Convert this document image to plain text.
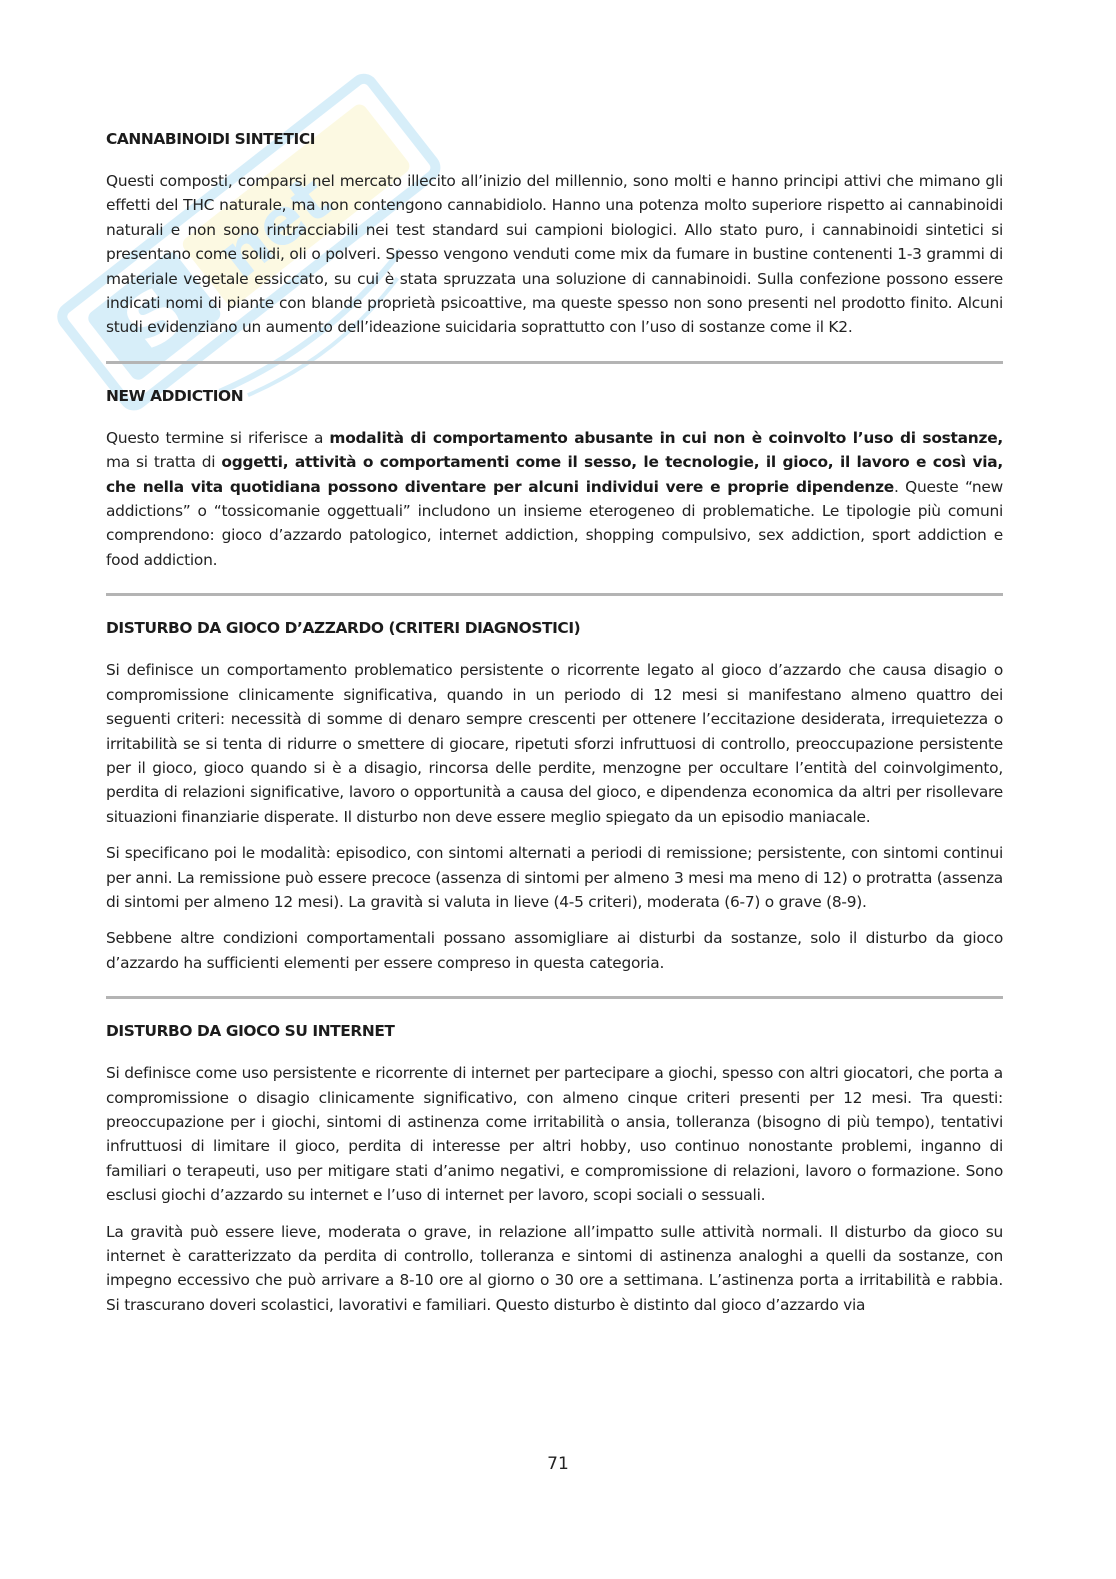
S
net
CANNABINOIDI SINTETICI

Questi composti, comparsi nel mercato illecito all’inizio del millennio, sono molti e hanno principi attivi che mimano gli effetti del THC naturale, ma non contengono cannabidiolo. Hanno una potenza molto superiore rispetto ai cannabinoidi naturali e non sono rintracciabili nei test standard sui campioni biologici. Allo stato puro, i cannabinoidi sintetici si presentano come solidi, oli o polveri. Spesso vengono venduti come mix da fumare in bustine contenenti 1-3 grammi di materiale vegetale essiccato, su cui è stata spruzzata una soluzione di cannabinoidi. Sulla confezione possono essere indicati nomi di piante con blande proprietà psicoattive, ma queste spesso non sono presenti nel prodotto finito. Alcuni studi evidenziano un aumento dell’ideazione suicidaria soprattutto con l’uso di sostanze come il K2.

NEW ADDICTION

Questo termine si riferisce a modalità di comportamento abusante in cui non è coinvolto l’uso di sostanze, ma si tratta di oggetti, attività o comportamenti come il sesso, le tecnologie, il gioco, il lavoro e così via, che nella vita quotidiana possono diventare per alcuni individui vere e proprie dipendenze. Queste “new addictions” o “tossicomanie oggettuali” includono un insieme eterogeneo di problematiche. Le tipologie più comuni comprendono: gioco d’azzardo patologico, internet addiction, shopping compulsivo, sex addiction, sport addiction e food addiction.

DISTURBO DA GIOCO D’AZZARDO (CRITERI DIAGNOSTICI)

Si definisce un comportamento problematico persistente o ricorrente legato al gioco d’azzardo che causa disagio o compromissione clinicamente significativa, quando in un periodo di 12 mesi si manifestano almeno quattro dei seguenti criteri: necessità di somme di denaro sempre crescenti per ottenere l’eccitazione desiderata, irrequietezza o irritabilità se si tenta di ridurre o smettere di giocare, ripetuti sforzi infruttuosi di controllo, preoccupazione persistente per il gioco, gioco quando si è a disagio, rincorsa delle perdite, menzogne per occultare l’entità del coinvolgimento, perdita di relazioni significative, lavoro o opportunità a causa del gioco, e dipendenza economica da altri per risollevare situazioni finanziarie disperate. Il disturbo non deve essere meglio spiegato da un episodio maniacale.

Si specificano poi le modalità: episodico, con sintomi alternati a periodi di remissione; persistente, con sintomi continui per anni. La remissione può essere precoce (assenza di sintomi per almeno 3 mesi ma meno di 12) o protratta (assenza di sintomi per almeno 12 mesi). La gravità si valuta in lieve (4-5 criteri), moderata (6-7) o grave (8-9).

Sebbene altre condizioni comportamentali possano assomigliare ai disturbi da sostanze, solo il disturbo da gioco d’azzardo ha sufficienti elementi per essere compreso in questa categoria.

DISTURBO DA GIOCO SU INTERNET

Si definisce come uso persistente e ricorrente di internet per partecipare a giochi, spesso con altri giocatori, che porta a compromissione o disagio clinicamente significativo, con almeno cinque criteri presenti per 12 mesi. Tra questi: preoccupazione per i giochi, sintomi di astinenza come irritabilità o ansia, tolleranza (bisogno di più tempo), tentativi infruttuosi di limitare il gioco, perdita di interesse per altri hobby, uso continuo nonostante problemi, inganno di familiari o terapeuti, uso per mitigare stati d’animo negativi, e compromissione di relazioni, lavoro o formazione. Sono esclusi giochi d’azzardo su internet e l’uso di internet per lavoro, scopi sociali o sessuali.

La gravità può essere lieve, moderata o grave, in relazione all’impatto sulle attività normali. Il disturbo da gioco su internet è caratterizzato da perdita di controllo, tolleranza e sintomi di astinenza analoghi a quelli da sostanze, con impegno eccessivo che può arrivare a 8-10 ore al giorno o 30 ore a settimana. L’astinenza porta a irritabilità e rabbia. Si trascurano doveri scolastici, lavorativi e familiari. Questo disturbo è distinto dal gioco d’azzardo via

71
